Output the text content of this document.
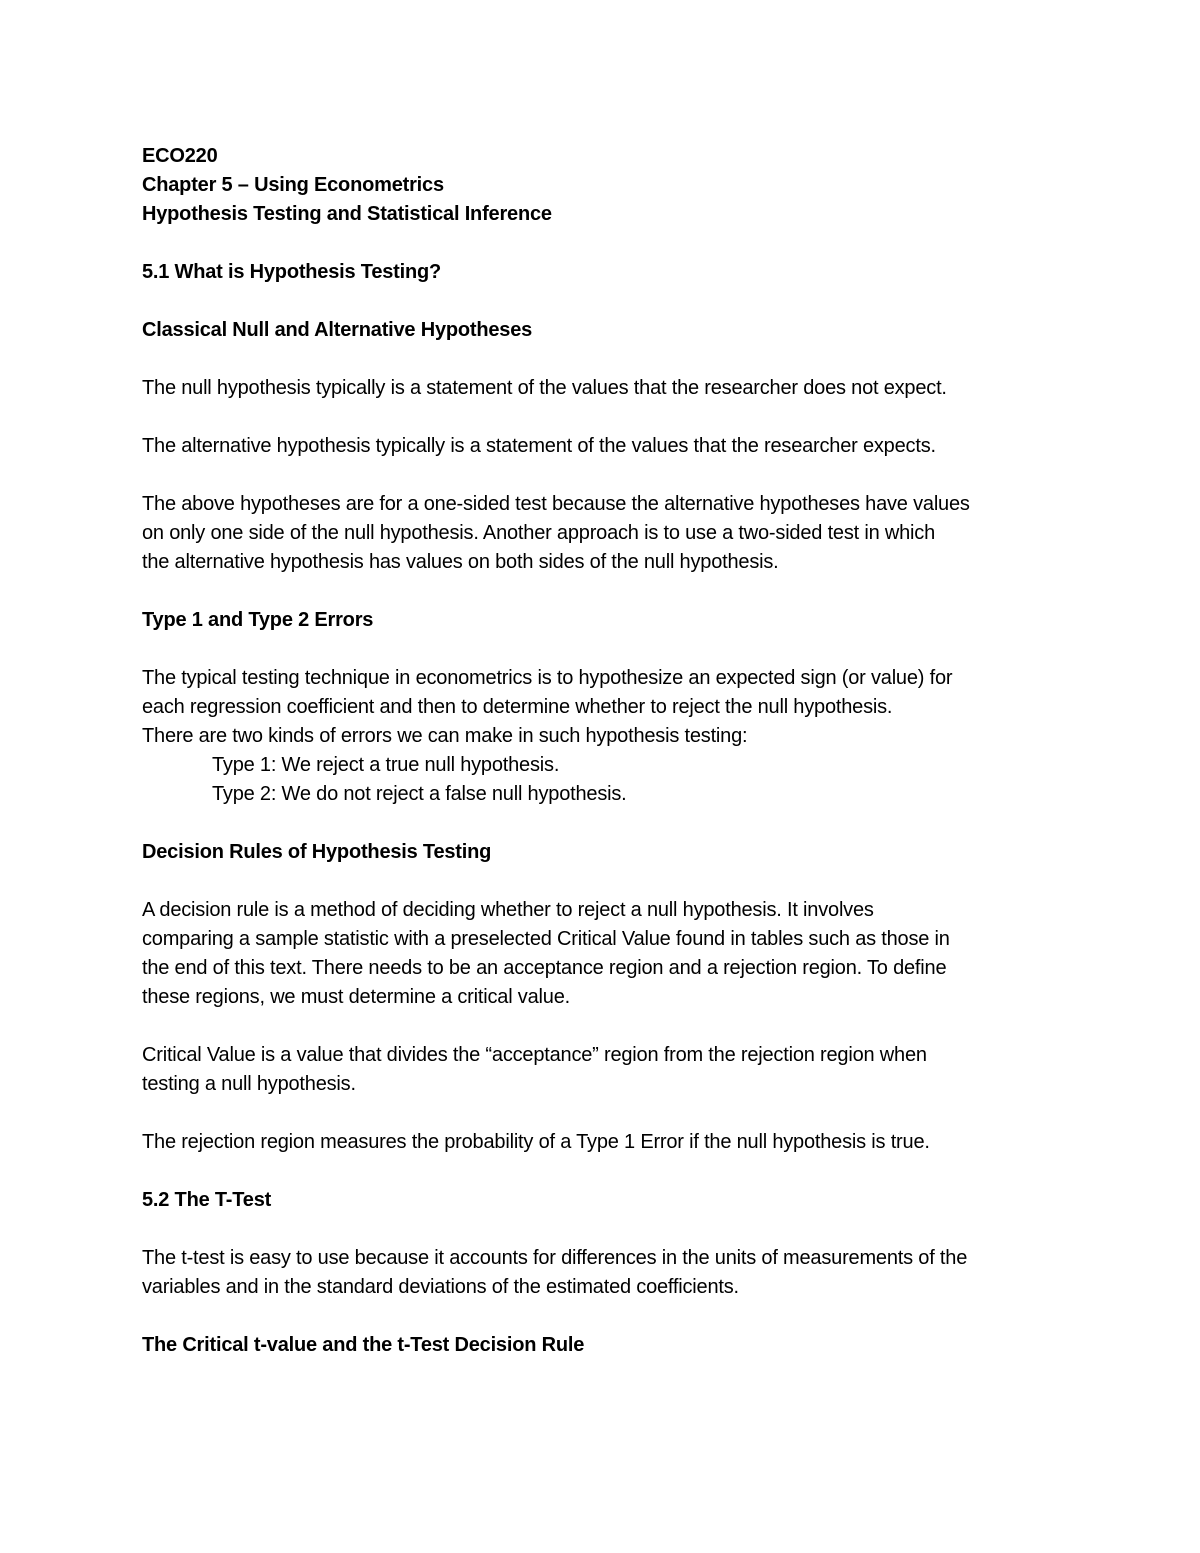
ECO220
Chapter 5 – Using Econometrics
Hypothesis Testing and Statistical Inference
5.1 What is Hypothesis Testing?
Classical Null and Alternative Hypotheses
The null hypothesis typically is a statement of the values that the researcher does not expect.
The alternative hypothesis typically is a statement of the values that the researcher expects.
The above hypotheses are for a one-sided test because the alternative hypotheses have values
on only one side of the null hypothesis. Another approach is to use a two-sided test in which
the alternative hypothesis has values on both sides of the null hypothesis.
Type 1 and Type 2 Errors
The typical testing technique in econometrics is to hypothesize an expected sign (or value) for
each regression coefficient and then to determine whether to reject the null hypothesis.
There are two kinds of errors we can make in such hypothesis testing:
Type 1: We reject a true null hypothesis.
Type 2: We do not reject a false null hypothesis.
Decision Rules of Hypothesis Testing
A decision rule is a method of deciding whether to reject a null hypothesis. It involves
comparing a sample statistic with a preselected Critical Value found in tables such as those in
the end of this text. There needs to be an acceptance region and a rejection region. To define
these regions, we must determine a critical value.
Critical Value is a value that divides the “acceptance” region from the rejection region when
testing a null hypothesis.
The rejection region measures the probability of a Type 1 Error if the null hypothesis is true.
5.2 The T-Test
The t-test is easy to use because it accounts for differences in the units of measurements of the
variables and in the standard deviations of the estimated coefficients.
The Critical t-value and the t-Test Decision Rule
